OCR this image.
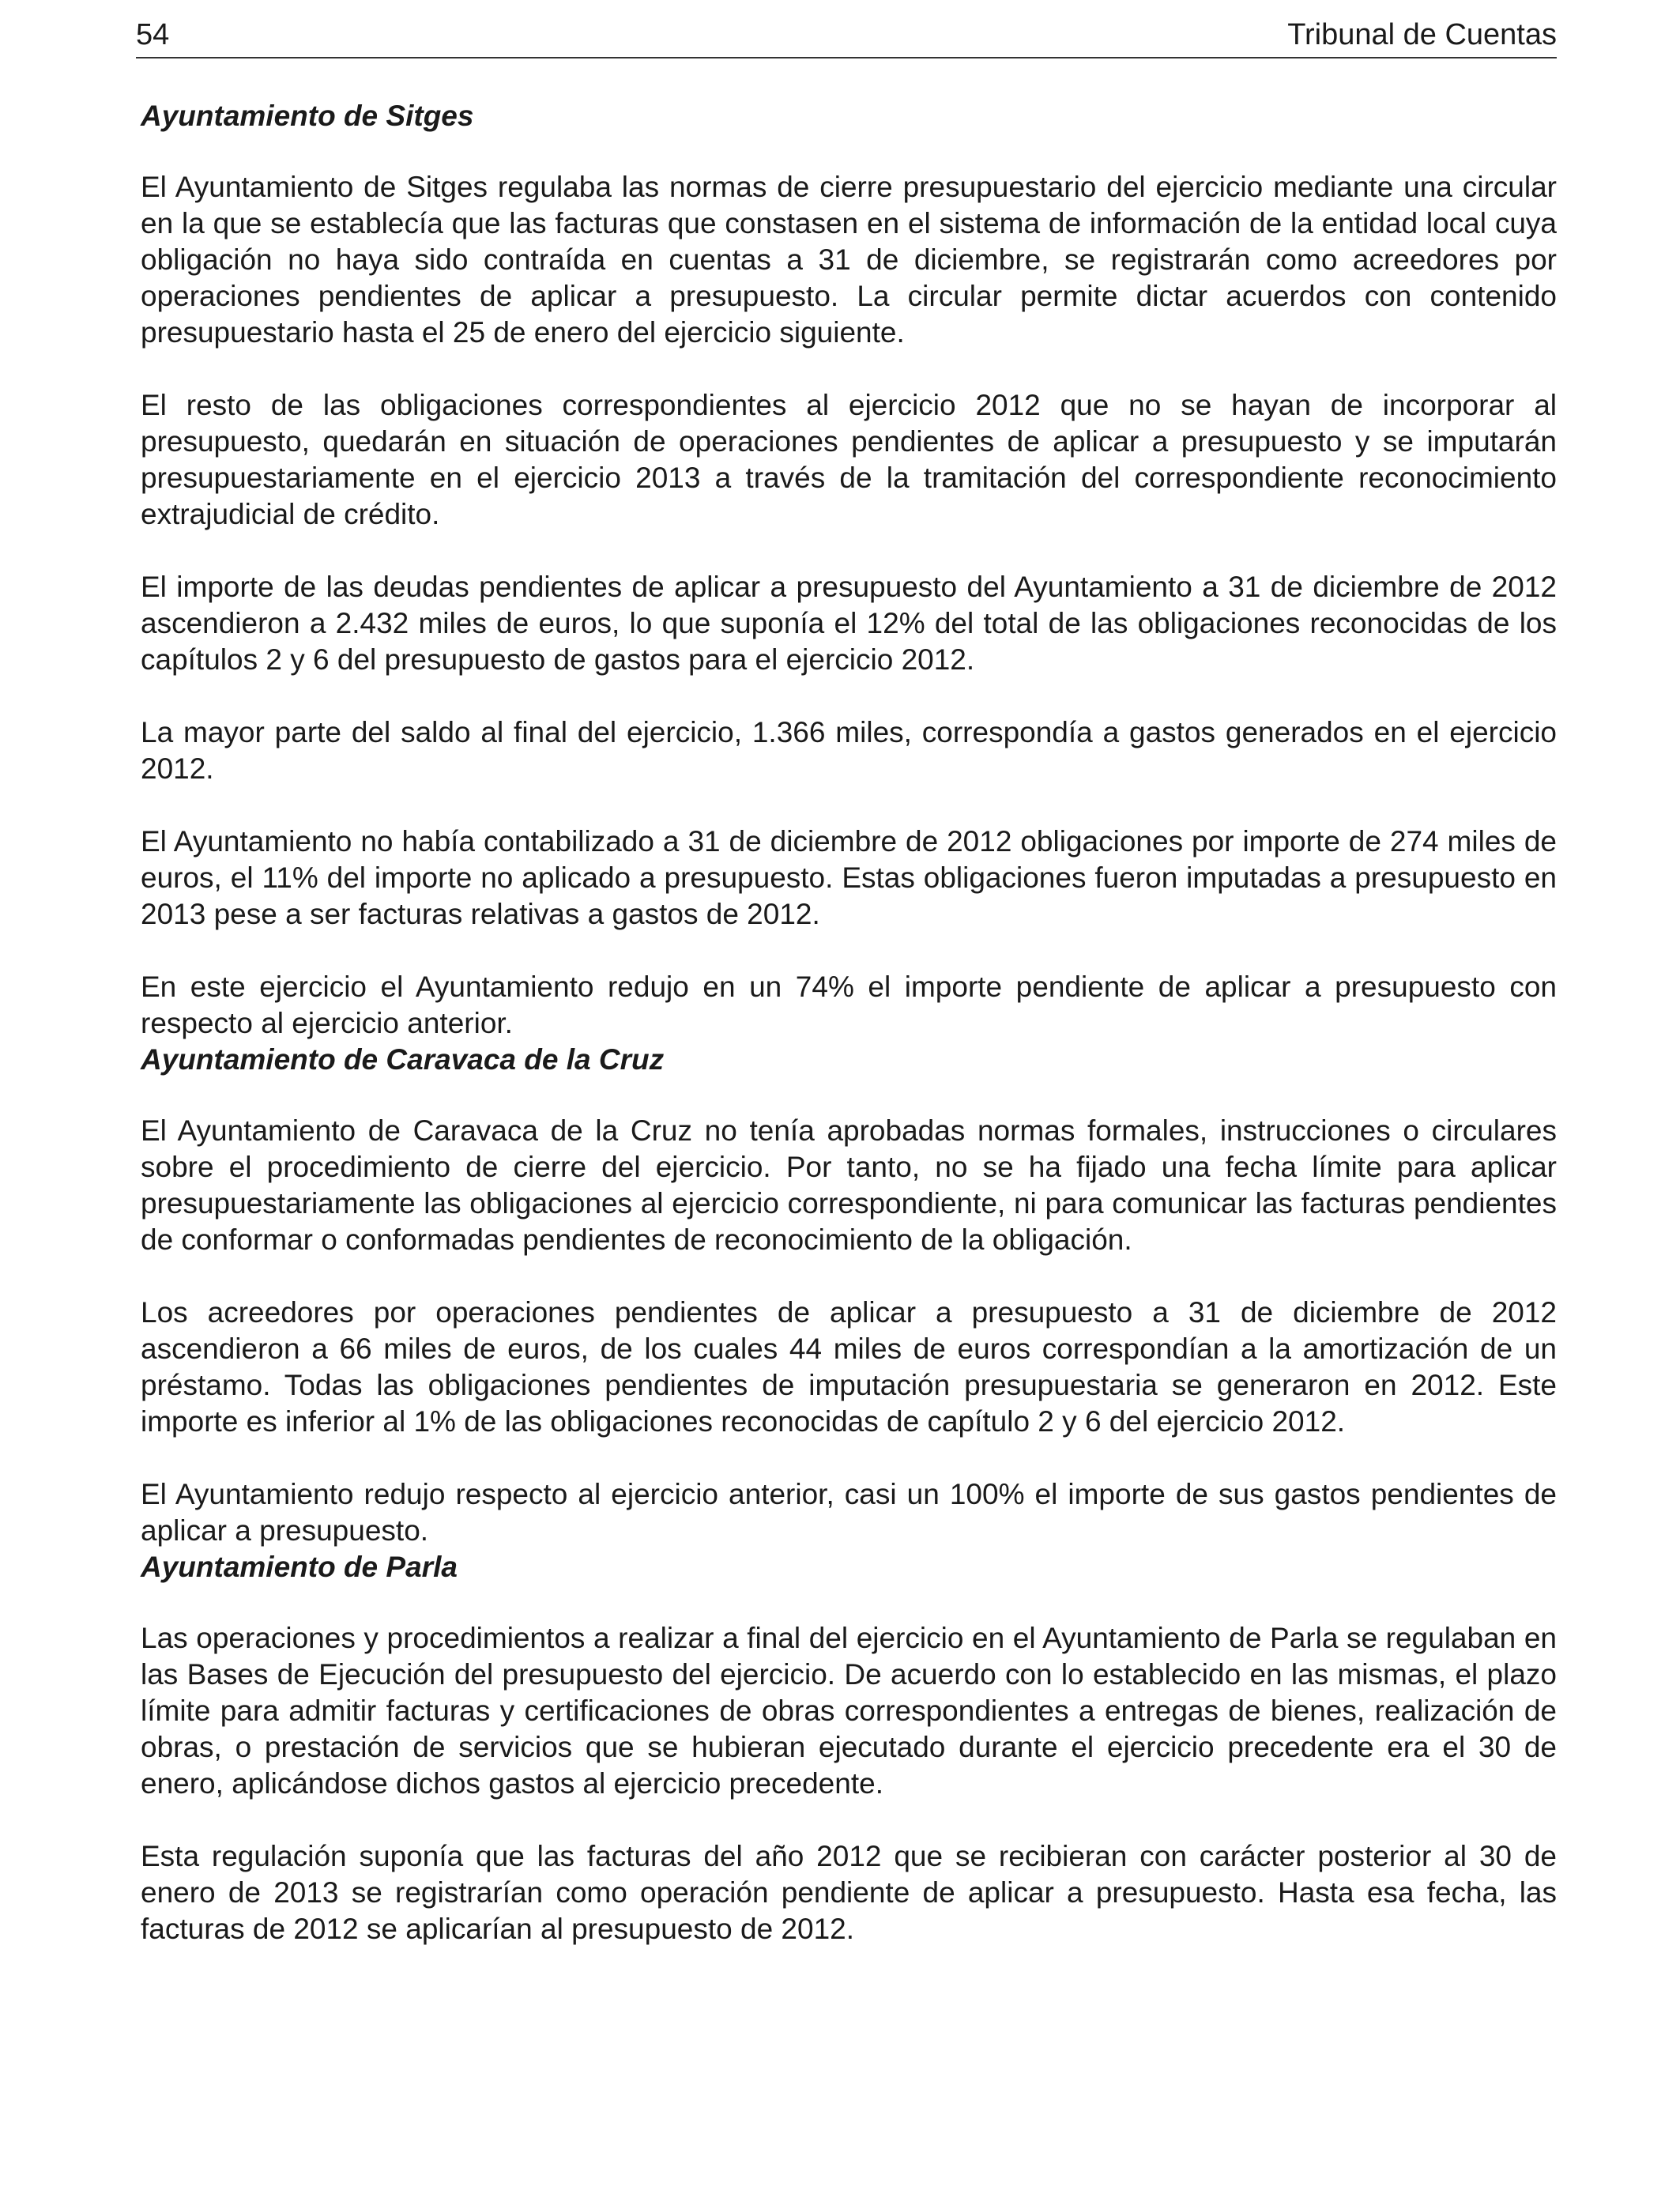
54	Tribunal de Cuentas

Ayuntamiento de Sitges

El Ayuntamiento de Sitges regulaba las normas de cierre presupuestario del ejercicio mediante una circular en la que se establecía que las facturas que constasen en el sistema de información de la entidad local cuya obligación no haya sido contraída en cuentas a 31 de diciembre, se registrarán como acreedores por operaciones pendientes de aplicar a presupuesto. La circular permite dictar acuerdos con contenido presupuestario hasta el 25 de enero del ejercicio siguiente.

El resto de las obligaciones correspondientes al ejercicio 2012 que no se hayan de incorporar al presupuesto, quedarán en situación de operaciones pendientes de aplicar a presupuesto y se imputarán presupuestariamente en el ejercicio 2013 a través de la tramitación del correspondiente reconocimiento extrajudicial de crédito.

El importe de las deudas pendientes de aplicar a presupuesto del Ayuntamiento a 31 de diciembre de 2012 ascendieron a 2.432 miles de euros, lo que suponía el 12% del total de las obligaciones reconocidas de los capítulos 2 y 6 del presupuesto de gastos para el ejercicio 2012.

La mayor parte del saldo al final del ejercicio, 1.366 miles, correspondía a gastos generados en el ejercicio 2012.

El Ayuntamiento no había contabilizado a 31 de diciembre de 2012 obligaciones por importe de 274 miles de euros, el 11% del importe no aplicado a presupuesto. Estas obligaciones fueron imputadas a presupuesto en 2013 pese a ser facturas relativas a gastos de 2012.

En este ejercicio el Ayuntamiento redujo en un 74% el importe pendiente de aplicar a presupuesto con respecto al ejercicio anterior.

Ayuntamiento de Caravaca de la Cruz

El Ayuntamiento de Caravaca de la Cruz no tenía aprobadas normas formales, instrucciones o circulares sobre el procedimiento de cierre del ejercicio. Por tanto, no se ha fijado una fecha límite para aplicar presupuestariamente las obligaciones al ejercicio correspondiente, ni para comunicar las facturas pendientes de conformar o conformadas pendientes de reconocimiento de la obligación.

Los acreedores por operaciones pendientes de aplicar a presupuesto a 31 de diciembre de 2012 ascendieron a 66 miles de euros, de los cuales 44 miles de euros correspondían a la amortización de un préstamo. Todas las obligaciones pendientes de imputación presupuestaria se generaron en 2012. Este importe es inferior al 1% de las obligaciones reconocidas de capítulo 2 y 6 del ejercicio 2012.

El Ayuntamiento redujo respecto al ejercicio anterior, casi un 100% el importe de sus gastos pendientes de aplicar a presupuesto.

Ayuntamiento de Parla

Las operaciones y procedimientos a realizar a final del ejercicio en el Ayuntamiento de Parla se regulaban en las Bases de Ejecución del presupuesto del ejercicio. De acuerdo con lo establecido en las mismas, el plazo límite para admitir facturas y certificaciones de obras correspondientes a entregas de bienes, realización de obras, o prestación de servicios que se hubieran ejecutado durante el ejercicio precedente era el 30 de enero, aplicándose dichos gastos al ejercicio precedente.

Esta regulación suponía que las facturas del año 2012 que se recibieran con carácter posterior al 30 de enero de 2013 se registrarían como operación pendiente de aplicar a presupuesto. Hasta esa fecha, las facturas de 2012 se aplicarían al presupuesto de 2012.
